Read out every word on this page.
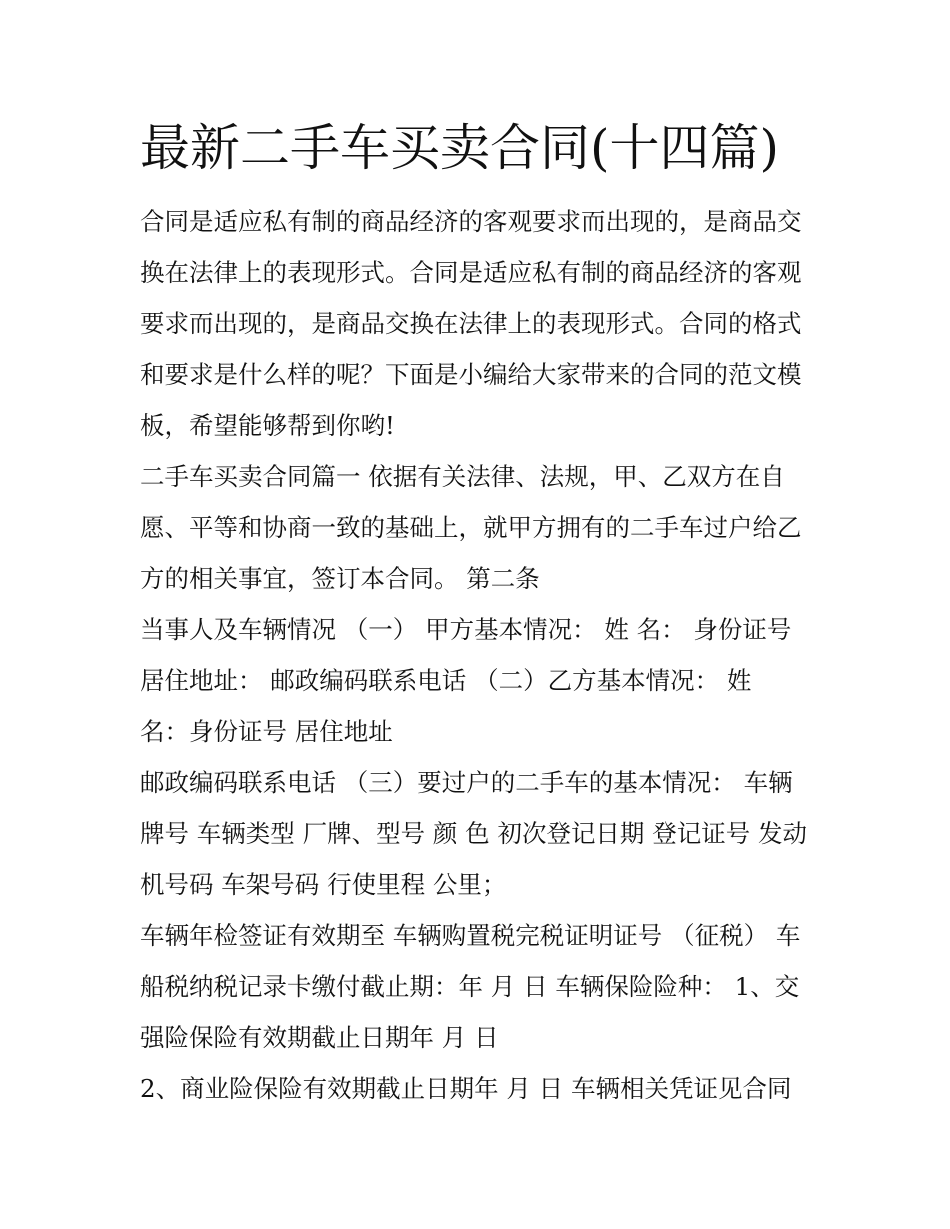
最新二手车买卖合同(十四篇)

合同是适应私有制的商品经济的客观要求而出现的，是商品交

换在法律上的表现形式。合同是适应私有制的商品经济的客观

要求而出现的，是商品交换在法律上的表现形式。合同的格式

和要求是什么样的呢？下面是小编给大家带来的合同的范文模

板，希望能够帮到你哟!

二手车买卖合同篇一 依据有关法律、法规，甲、乙双方在自

愿、平等和协商一致的基础上，就甲方拥有的二手车过户给乙

方的相关事宜，签订本合同。 第二条

当事人及车辆情况 （一） 甲方基本情况： 姓 名： 身份证号

居住地址： 邮政编码联系电话 （二）乙方基本情况： 姓

名：身份证号 居住地址

邮政编码联系电话 （三）要过户的二手车的基本情况： 车辆

牌号 车辆类型 厂牌、型号 颜 色 初次登记日期 登记证号 发动

机号码 车架号码 行使里程 公里；

车辆年检签证有效期至 车辆购置税完税证明证号 （征税） 车

船税纳税记录卡缴付截止期：年 月 日 车辆保险险种： 1、交

强险保险有效期截止日期年 月 日

2、商业险保险有效期截止日期年 月 日 车辆相关凭证见合同
